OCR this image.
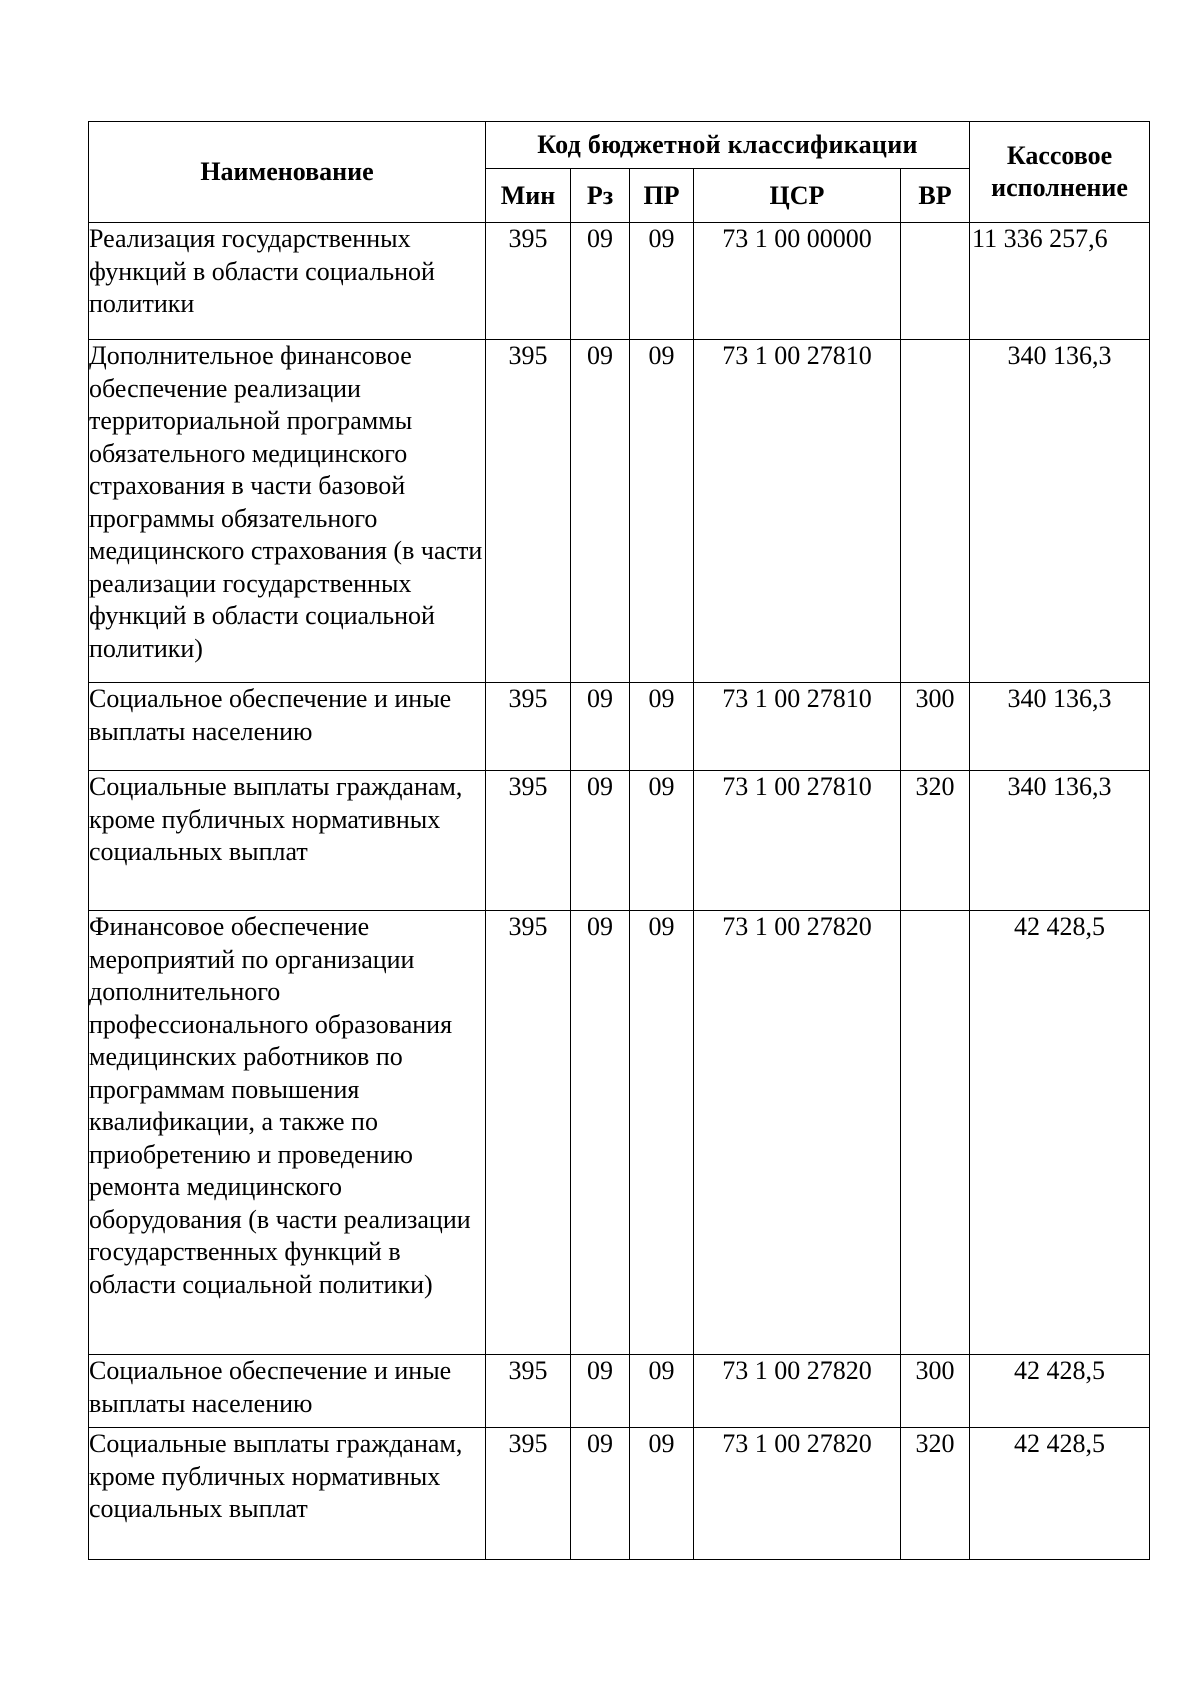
Наименование	Код бюджетной классификации					Кассовое исполнение
	Мин	Рз	ПР	ЦСР	ВР	
Реализация государственных функций в области социальной политики	395	09	09	73 1 00 00000		11 336 257,6
Дополнительное финансовое обеспечение реализации территориальной программы обязательного медицинского страхования в части базовой программы обязательного медицинского страхования (в части реализации государственных функций в области социальной политики)	395	09	09	73 1 00 27810		340 136,3
Социальное обеспечение и иные выплаты населению	395	09	09	73 1 00 27810	300	340 136,3
Социальные выплаты гражданам, кроме публичных нормативных социальных выплат	395	09	09	73 1 00 27810	320	340 136,3
Финансовое обеспечение мероприятий по организации дополнительного профессионального образования медицинских работников по программам повышения квалификации, а также по приобретению и проведению ремонта медицинского оборудования (в части реализации государственных функций в области социальной политики)	395	09	09	73 1 00 27820		42 428,5
Социальное обеспечение и иные выплаты населению	395	09	09	73 1 00 27820	300	42 428,5
Социальные выплаты гражданам, кроме публичных нормативных социальных выплат	395	09	09	73 1 00 27820	320	42 428,5
